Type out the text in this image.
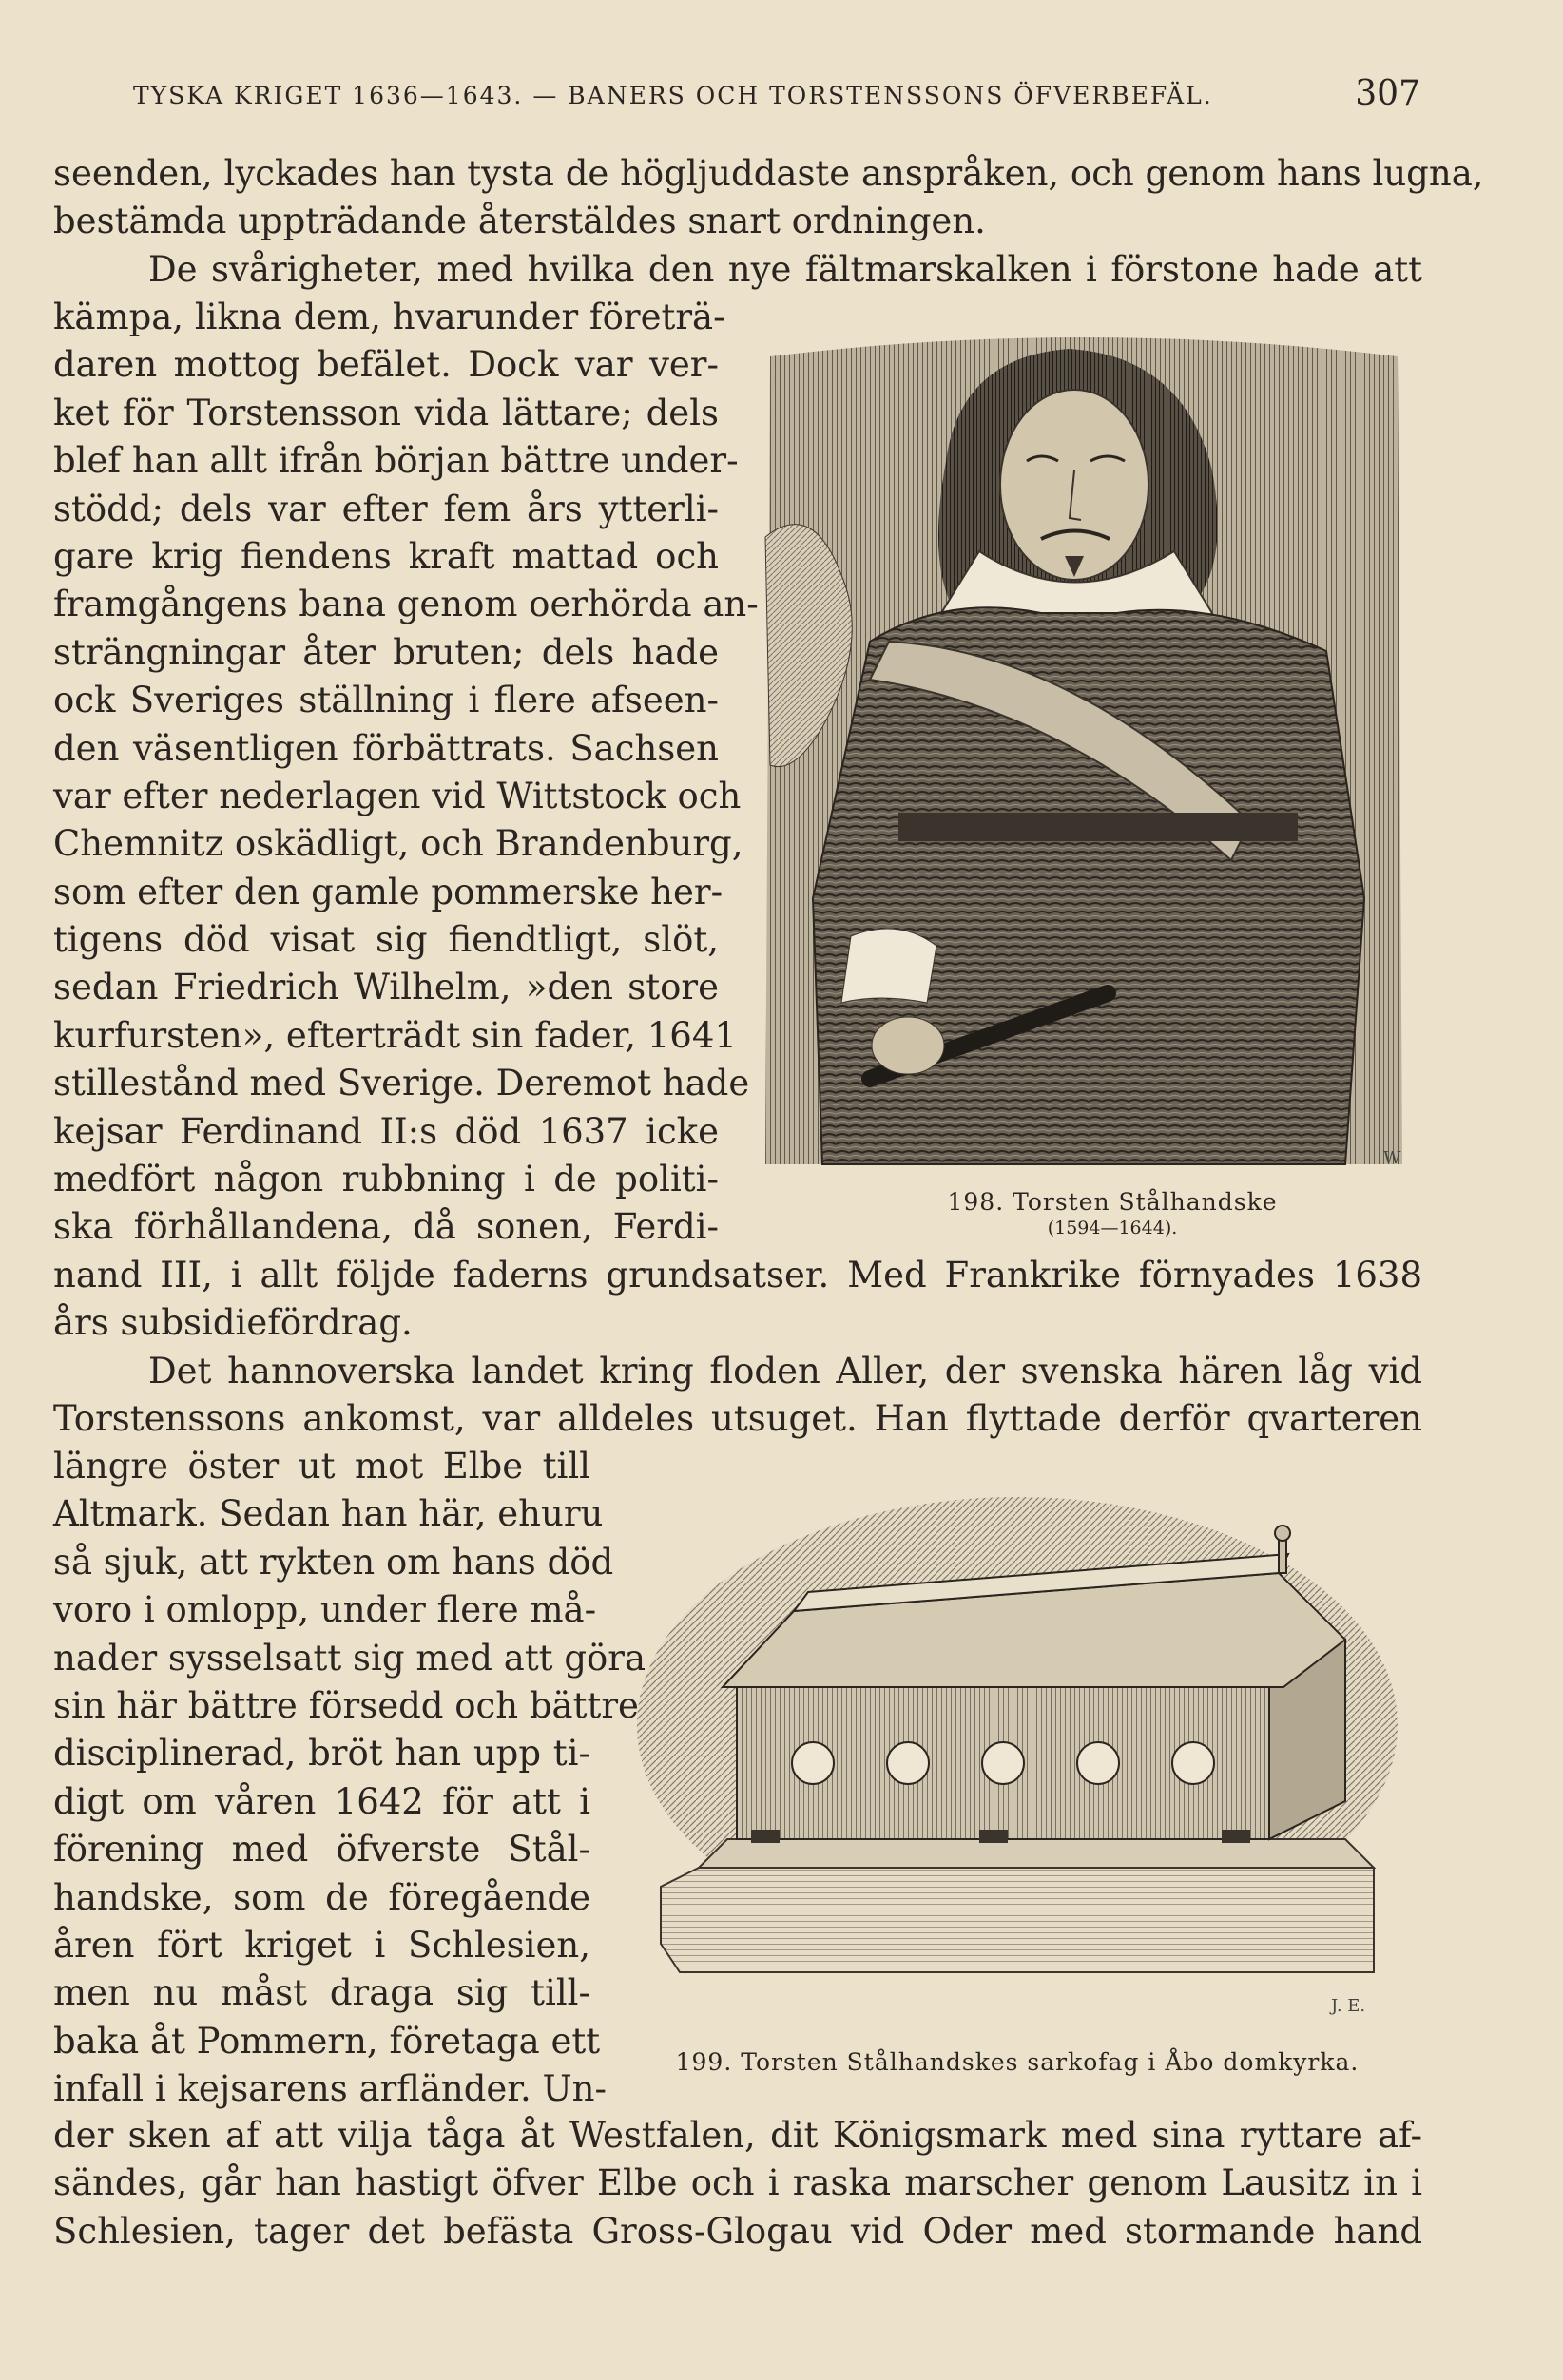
TYSKA KRIGET 1636—1643. — BANERS OCH TORSTENSSONS ÖFVERBEFÄL.	307
seenden, lyckades han tysta de högljuddaste anspråken, och genom hans lugna,
bestämda uppträdande återstäldes snart ordningen.
De svårigheter, med hvilka den nye fältmarskalken i förstone hade att
kämpa, likna dem, hvarunder företrä-
daren mottog befälet. Dock var ver-
ket för Torstensson vida lättare; dels
blef han allt ifrån början bättre under-
stödd; dels var efter fem års ytterli-
gare krig fiendens kraft mattad och
framgångens bana genom oerhörda an-
strängningar åter bruten; dels hade
ock Sveriges ställning i flere afseen-
den väsentligen förbättrats. Sachsen
var efter nederlagen vid Wittstock och
Chemnitz oskädligt, och Brandenburg,
som efter den gamle pommerske her-
tigens död visat sig fiendtligt, slöt,
sedan Friedrich Wilhelm, »den store
kurfursten», efterträdt sin fader, 1641
stillestånd med Sverige. Deremot hade
kejsar Ferdinand II:s död 1637 icke
medfört någon rubbning i de politi-
ska förhållandena, då sonen, Ferdi-
W
198. Torsten Stålhandske
(1594—1644).
nand III, i allt följde faderns grundsatser. Med Frankrike förnyades 1638
års subsidiefördrag.
Det hannoverska landet kring floden Aller, der svenska hären låg vid
Torstenssons ankomst, var alldeles utsuget. Han flyttade derför qvarteren
längre öster ut mot Elbe till
Altmark. Sedan han här, ehuru
så sjuk, att rykten om hans död
voro i omlopp, under flere må-
nader sysselsatt sig med att göra
sin här bättre försedd och bättre
disciplinerad, bröt han upp ti-
digt om våren 1642 för att i
förening med öfverste Stål-
handske, som de föregående
åren fört kriget i Schlesien,
men nu måst draga sig till-
baka åt Pommern, företaga ett
infall i kejsarens arfländer. Un-
J. E.
199. Torsten Stålhandskes sarkofag i Åbo domkyrka.
der sken af att vilja tåga åt Westfalen, dit Königsmark med sina ryttare af-
sändes, går han hastigt öfver Elbe och i raska marscher genom Lausitz in i
Schlesien, tager det befästa Gross-Glogau vid Oder med stormande hand
